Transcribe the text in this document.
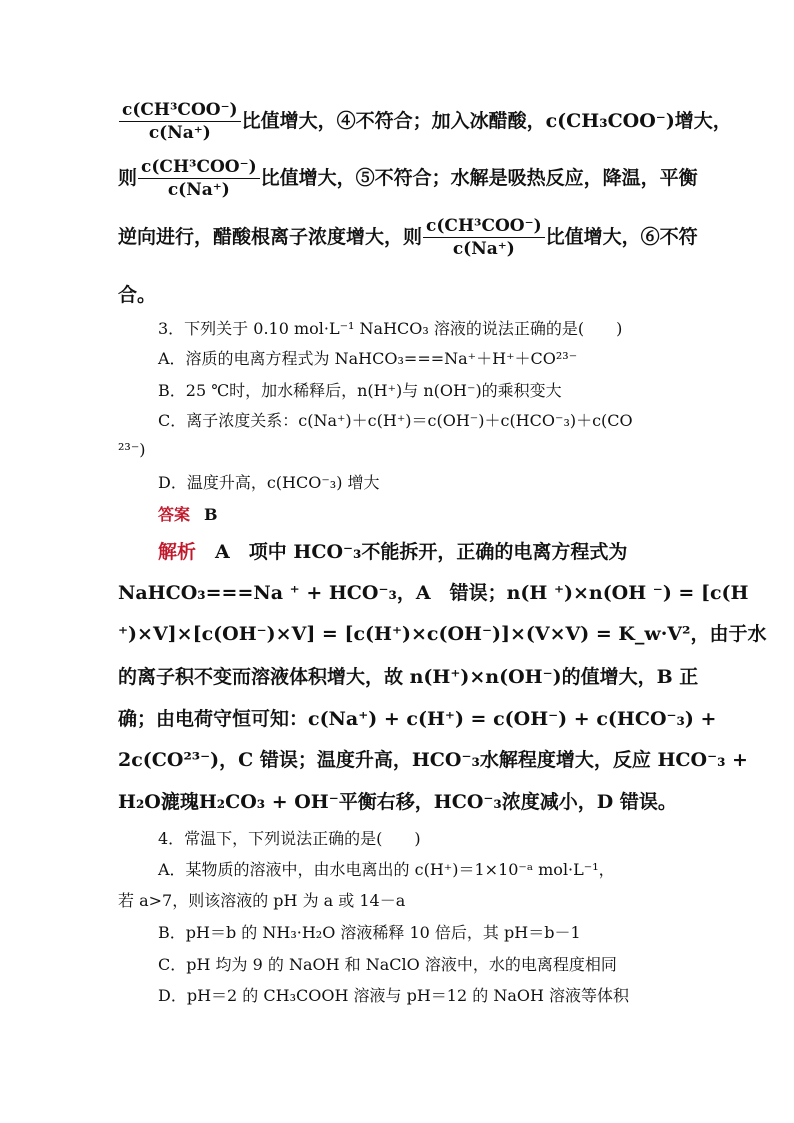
$\frac{\text{c(CH³COO⁻)}}{c(Na^+)}$ 比值增大，④不符合；加入冰醋酸，c(CH₃COO⁻)增大，
则 $\frac{\text{c(CH³COO⁻)}}{c(Na^+)}$ 比值增大，⑤不符合；水解是吸热反应，降温，平衡
逆向进行，醋酸根离子浓度增大，则 $\frac{\text{c(CH³COO⁻)}}{c(Na^+)}$ 比值增大，⑥不符
合。
3．下列关于 0.10 mol·L⁻¹ NaHCO₃ 溶液的说法正确的是(　　)
A．溶质的电离方程式为 NaHCO₃===Na⁺＋H⁺＋CO²³⁻
B．25 ℃时，加水稀释后，n(H⁺)与 n(OH⁻)的乘积变大
C．离子浓度关系：c(Na⁺)＋c(H⁺)＝c(OH⁻)＋c(HCO⁻₃)＋c(CO
²³⁻)
D．温度升高，c(HCO⁻₃) 增大
答案 B
解析　 A　项中 HCO⁻₃不能拆开，正确的电离方程式为
NaHCO₃===Na ⁺ + HCO⁻₃，A　错误；n(H ⁺)×n(OH ⁻) = [c(H
⁺)×V]×[c(OH⁻)×V] = [c(H⁺)×c(OH⁻)]×(V×V) = K_w·V²，由于水
的离子积不变而溶液体积增大，故 n(H⁺)×n(OH⁻)的值增大，B 正
确；由电荷守恒可知：c(Na⁺) + c(H⁺) = c(OH⁻) + c(HCO⁻₃) +
2c(CO²³⁻)，C 错误；温度升高，HCO⁻₃水解程度增大，反应 HCO⁻₃ +
H₂O漉瑰H₂CO₃ + OH⁻平衡右移，HCO⁻₃浓度减小，D 错误。
4．常温下，下列说法正确的是(　　)
A．某物质的溶液中，由水电离出的 c(H⁺)＝1×10⁻ᵃ mol·L⁻¹，
若 a>7，则该溶液的 pH 为 a 或 14－a
B．pH＝b 的 NH₃·H₂O 溶液稀释 10 倍后，其 pH＝b－1
C．pH 均为 9 的 NaOH 和 NaClO 溶液中，水的电离程度相同
D．pH＝2 的 CH₃COOH 溶液与 pH＝12 的 NaOH 溶液等体积
